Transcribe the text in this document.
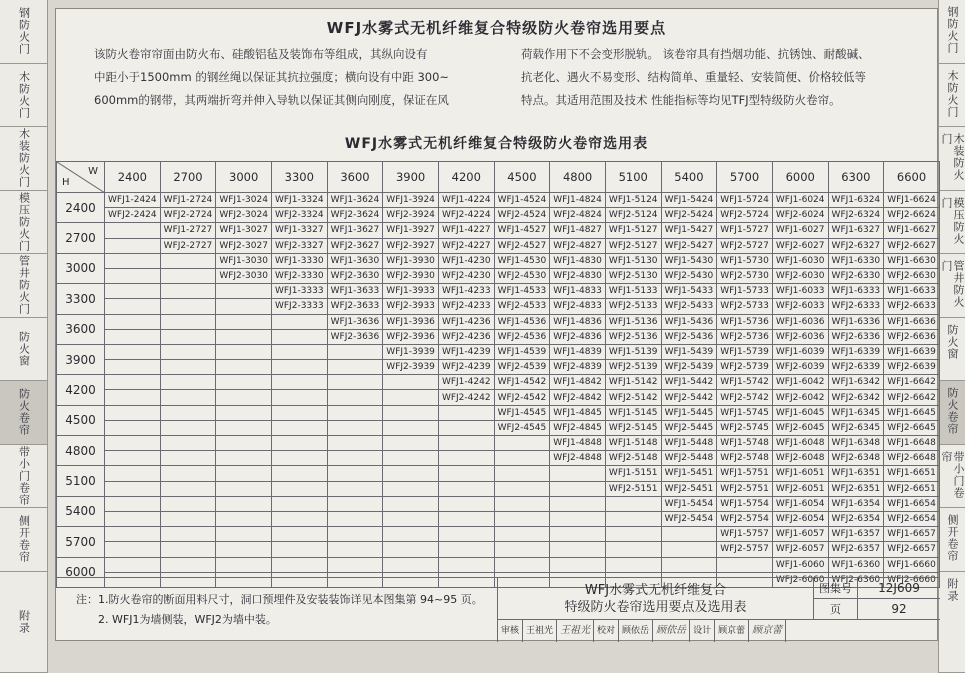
钢防火门
木防火门
木装防火门
模压防火门
管井防火门
防火窗
防火卷帘
带小门卷帘
侧开卷帘
附录
钢防火门
木防火门
木装防火门
模压防火门
管井防火门
防火窗
防火卷帘
带小门卷帘
侧开卷帘
附录
WFJ水雾式无机纤维复合特级防火卷帘选用要点
该防火卷帘帘面由防火布、硅酸铝毡及装饰布等组成，其纵向设有
中距小于1500mm 的钢丝绳以保证其抗拉强度；横向设有中距 300~
600mm的钢带，其两端折弯并伸入导轨以保证其侧向刚度，保证在风
荷载作用下不会变形脱轨。 该卷帘具有挡烟功能、抗锈蚀、耐酸碱、
抗老化、遇火不易变形、结构简单、重量轻、安装简便、价格较低等
特点。其适用范围及技术 性能指标等均见TFJ型特级防火卷帘。
WFJ水雾式无机纤维复合特级防火卷帘选用表
W
H	2400	2700	3000	3300	3600	3900	4200	4500	4800	5100	5400	5700	6000	6300	6600
2400	WFJ1-2424	WFJ1-2724	WFJ1-3024	WFJ1-3324	WFJ1-3624	WFJ1-3924	WFJ1-4224	WFJ1-4524	WFJ1-4824	WFJ1-5124	WFJ1-5424	WFJ1-5724	WFJ1-6024	WFJ1-6324	WFJ1-6624
	WFJ2-2424	WFJ2-2724	WFJ2-3024	WFJ2-3324	WFJ2-3624	WFJ2-3924	WFJ2-4224	WFJ2-4524	WFJ2-4824	WFJ2-5124	WFJ2-5424	WFJ2-5724	WFJ2-6024	WFJ2-6324	WFJ2-6624
2700		WFJ1-2727	WFJ1-3027	WFJ1-3327	WFJ1-3627	WFJ1-3927	WFJ1-4227	WFJ1-4527	WFJ1-4827	WFJ1-5127	WFJ1-5427	WFJ1-5727	WFJ1-6027	WFJ1-6327	WFJ1-6627
		WFJ2-2727	WFJ2-3027	WFJ2-3327	WFJ2-3627	WFJ2-3927	WFJ2-4227	WFJ2-4527	WFJ2-4827	WFJ2-5127	WFJ2-5427	WFJ2-5727	WFJ2-6027	WFJ2-6327	WFJ2-6627
3000			WFJ1-3030	WFJ1-3330	WFJ1-3630	WFJ1-3930	WFJ1-4230	WFJ1-4530	WFJ1-4830	WFJ1-5130	WFJ1-5430	WFJ1-5730	WFJ1-6030	WFJ1-6330	WFJ1-6630
			WFJ2-3030	WFJ2-3330	WFJ2-3630	WFJ2-3930	WFJ2-4230	WFJ2-4530	WFJ2-4830	WFJ2-5130	WFJ2-5430	WFJ2-5730	WFJ2-6030	WFJ2-6330	WFJ2-6630
3300				WFJ1-3333	WFJ1-3633	WFJ1-3933	WFJ1-4233	WFJ1-4533	WFJ1-4833	WFJ1-5133	WFJ1-5433	WFJ1-5733	WFJ1-6033	WFJ1-6333	WFJ1-6633
				WFJ2-3333	WFJ2-3633	WFJ2-3933	WFJ2-4233	WFJ2-4533	WFJ2-4833	WFJ2-5133	WFJ2-5433	WFJ2-5733	WFJ2-6033	WFJ2-6333	WFJ2-6633
3600					WFJ1-3636	WFJ1-3936	WFJ1-4236	WFJ1-4536	WFJ1-4836	WFJ1-5136	WFJ1-5436	WFJ1-5736	WFJ1-6036	WFJ1-6336	WFJ1-6636
					WFJ2-3636	WFJ2-3936	WFJ2-4236	WFJ2-4536	WFJ2-4836	WFJ2-5136	WFJ2-5436	WFJ2-5736	WFJ2-6036	WFJ2-6336	WFJ2-6636
3900						WFJ1-3939	WFJ1-4239	WFJ1-4539	WFJ1-4839	WFJ1-5139	WFJ1-5439	WFJ1-5739	WFJ1-6039	WFJ1-6339	WFJ1-6639
						WFJ2-3939	WFJ2-4239	WFJ2-4539	WFJ2-4839	WFJ2-5139	WFJ2-5439	WFJ2-5739	WFJ2-6039	WFJ2-6339	WFJ2-6639
4200							WFJ1-4242	WFJ1-4542	WFJ1-4842	WFJ1-5142	WFJ1-5442	WFJ1-5742	WFJ1-6042	WFJ1-6342	WFJ1-6642
							WFJ2-4242	WFJ2-4542	WFJ2-4842	WFJ2-5142	WFJ2-5442	WFJ2-5742	WFJ2-6042	WFJ2-6342	WFJ2-6642
4500								WFJ1-4545	WFJ1-4845	WFJ1-5145	WFJ1-5445	WFJ1-5745	WFJ1-6045	WFJ1-6345	WFJ1-6645
								WFJ2-4545	WFJ2-4845	WFJ2-5145	WFJ2-5445	WFJ2-5745	WFJ2-6045	WFJ2-6345	WFJ2-6645
4800									WFJ1-4848	WFJ1-5148	WFJ1-5448	WFJ1-5748	WFJ1-6048	WFJ1-6348	WFJ1-6648
									WFJ2-4848	WFJ2-5148	WFJ2-5448	WFJ2-5748	WFJ2-6048	WFJ2-6348	WFJ2-6648
5100										WFJ1-5151	WFJ1-5451	WFJ1-5751	WFJ1-6051	WFJ1-6351	WFJ1-6651
										WFJ2-5151	WFJ2-5451	WFJ2-5751	WFJ2-6051	WFJ2-6351	WFJ2-6651
5400											WFJ1-5454	WFJ1-5754	WFJ1-6054	WFJ1-6354	WFJ1-6654
											WFJ2-5454	WFJ2-5754	WFJ2-6054	WFJ2-6354	WFJ2-6654
5700												WFJ1-5757	WFJ1-6057	WFJ1-6357	WFJ1-6657
												WFJ2-5757	WFJ2-6057	WFJ2-6357	WFJ2-6657
6000													WFJ1-6060	WFJ1-6360	WFJ1-6660
													WFJ2-6060	WFJ2-6360	WFJ2-6660
注：1.防火卷帘的断面用料尺寸，洞口预埋件及安装装饰详见本图集第 94~95 页。
2. WFJ1为墙侧装，WFJ2为墙中装。
WFJ水雾式无机纤维复合
特级防火卷帘选用要点及选用表
图集号	12J609
页	92
审核 王祖光 王祖光 校对 顾依岳 顾依岳 设计 顾京蕾 顾京蕾
